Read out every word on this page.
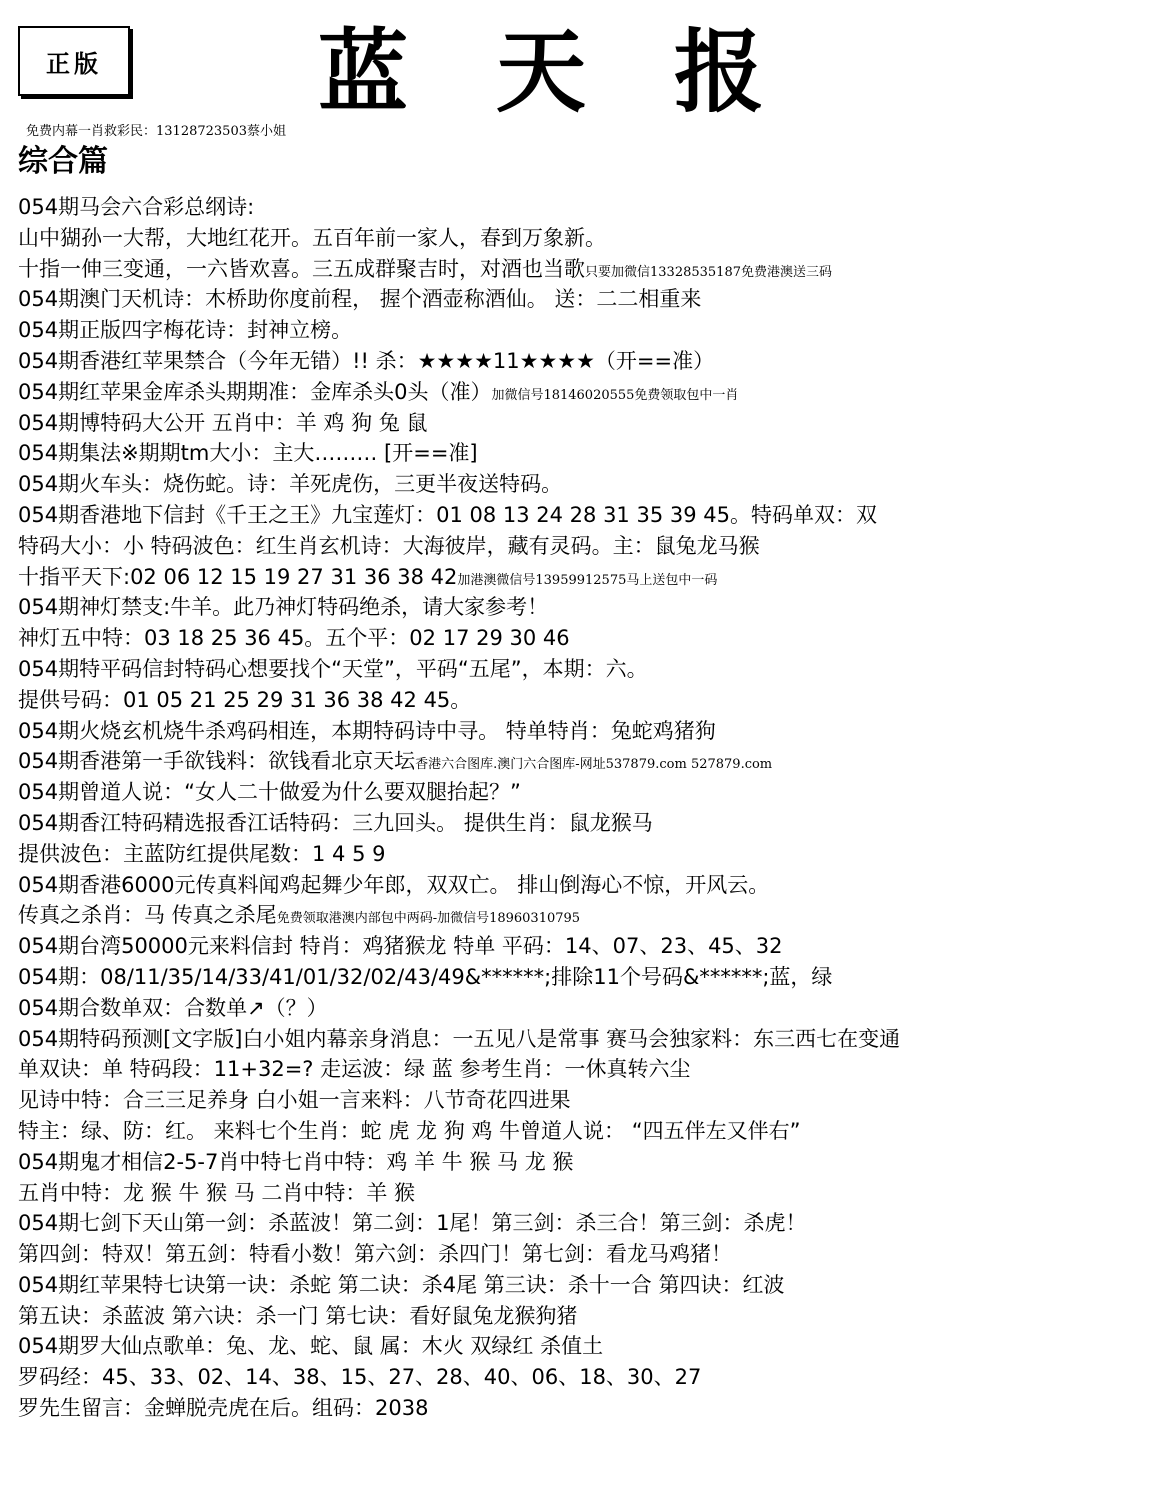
正版	蓝 天 报
免费内幕一肖救彩民：13128723503蔡小姐
综合篇
054期马会六合彩总纲诗:
山中猢孙一大帮，大地红花开。五百年前一家人，春到万象新。
十指一伸三变通，一六皆欢喜。三五成群聚吉时，对酒也当歌只要加微信13328535187免费港澳送三码
054期澳门天机诗：木桥助你度前程， 握个酒壶称酒仙。 送：二二相重来
054期正版四字梅花诗：封神立榜。
054期香港红苹果禁合（今年无错）!! 杀：★★★★11★★★★（开==准）
054期红苹果金库杀头期期准：金库杀头0头（准）加微信号18146020555免费领取包中一肖
054期博特码大公开 五肖中：羊 鸡 狗 兔 鼠
054期集法※期期tm大小：主大……… [开==准]
054期火车头：烧伤蛇。诗：羊死虎伤，三更半夜送特码。
054期香港地下信封《千王之王》九宝莲灯：01 08 13 24 28 31 35 39 45。特码单双：双
特码大小：小 特码波色：红生肖玄机诗：大海彼岸，藏有灵码。主：鼠兔龙马猴
十指平天下:02 06 12 15 19 27 31 36 38 42加港澳微信号13959912575马上送包中一码
054期神灯禁支:牛羊。此乃神灯特码绝杀，请大家参考！
神灯五中特：03 18 25 36 45。五个平：02 17 29 30 46
054期特平码信封特码心想要找个“天堂”，平码“五尾”，本期：六。
提供号码：01 05 21 25 29 31 36 38 42 45。
054期火烧玄机烧牛杀鸡码相连，本期特码诗中寻。 特单特肖：兔蛇鸡猪狗
054期香港第一手欲钱料：欲钱看北京天坛香港六合图库.澳门六合图库-网址537879.com 527879.com
054期曾道人说：“女人二十做爱为什么要双腿抬起？”
054期香江特码精选报香江话特码：三九回头。 提供生肖：鼠龙猴马
提供波色：主蓝防红提供尾数：1 4 5 9
054期香港6000元传真料闻鸡起舞少年郎，双双亡。 排山倒海心不惊，开风云。
传真之杀肖：马 传真之杀尾免费领取港澳内部包中两码-加微信号18960310795
054期台湾50000元来料信封 特肖：鸡猪猴龙 特单 平码：14、07、23、45、32
054期：08/11/35/14/33/41/01/32/02/43/49&******;排除11个号码&******;蓝，绿
054期合数单双：合数单↗（？）
054期特码预测[文字版]白小姐内幕亲身消息：一五见八是常事 赛马会独家料：东三西七在变通
单双诀：单 特码段：11+32=? 走运波：绿 蓝 参考生肖：一休真转六尘
见诗中特：合三三足养身 白小姐一言来料：八节奇花四进果
特主：绿、防：红。 来料七个生肖：蛇 虎 龙 狗 鸡 牛曾道人说： “四五伴左又伴右”
054期鬼才相信2-5-7肖中特七肖中特：鸡 羊 牛 猴 马 龙 猴
五肖中特：龙 猴 牛 猴 马 二肖中特：羊 猴
054期七剑下天山第一剑：杀蓝波！第二剑：1尾！第三剑：杀三合！第三剑：杀虎！
第四剑：特双！第五剑：特看小数！第六剑：杀四门！第七剑：看龙马鸡猪！
054期红苹果特七诀第一诀：杀蛇 第二诀：杀4尾 第三诀：杀十一合 第四诀：红波
第五诀：杀蓝波 第六诀：杀一门 第七诀：看好鼠兔龙猴狗猪
054期罗大仙点歌单：兔、龙、蛇、鼠 属：木火 双绿红 杀值土
罗码经：45、33、02、14、38、15、27、28、40、06、18、30、27
罗先生留言：金蝉脱壳虎在后。组码：2038
